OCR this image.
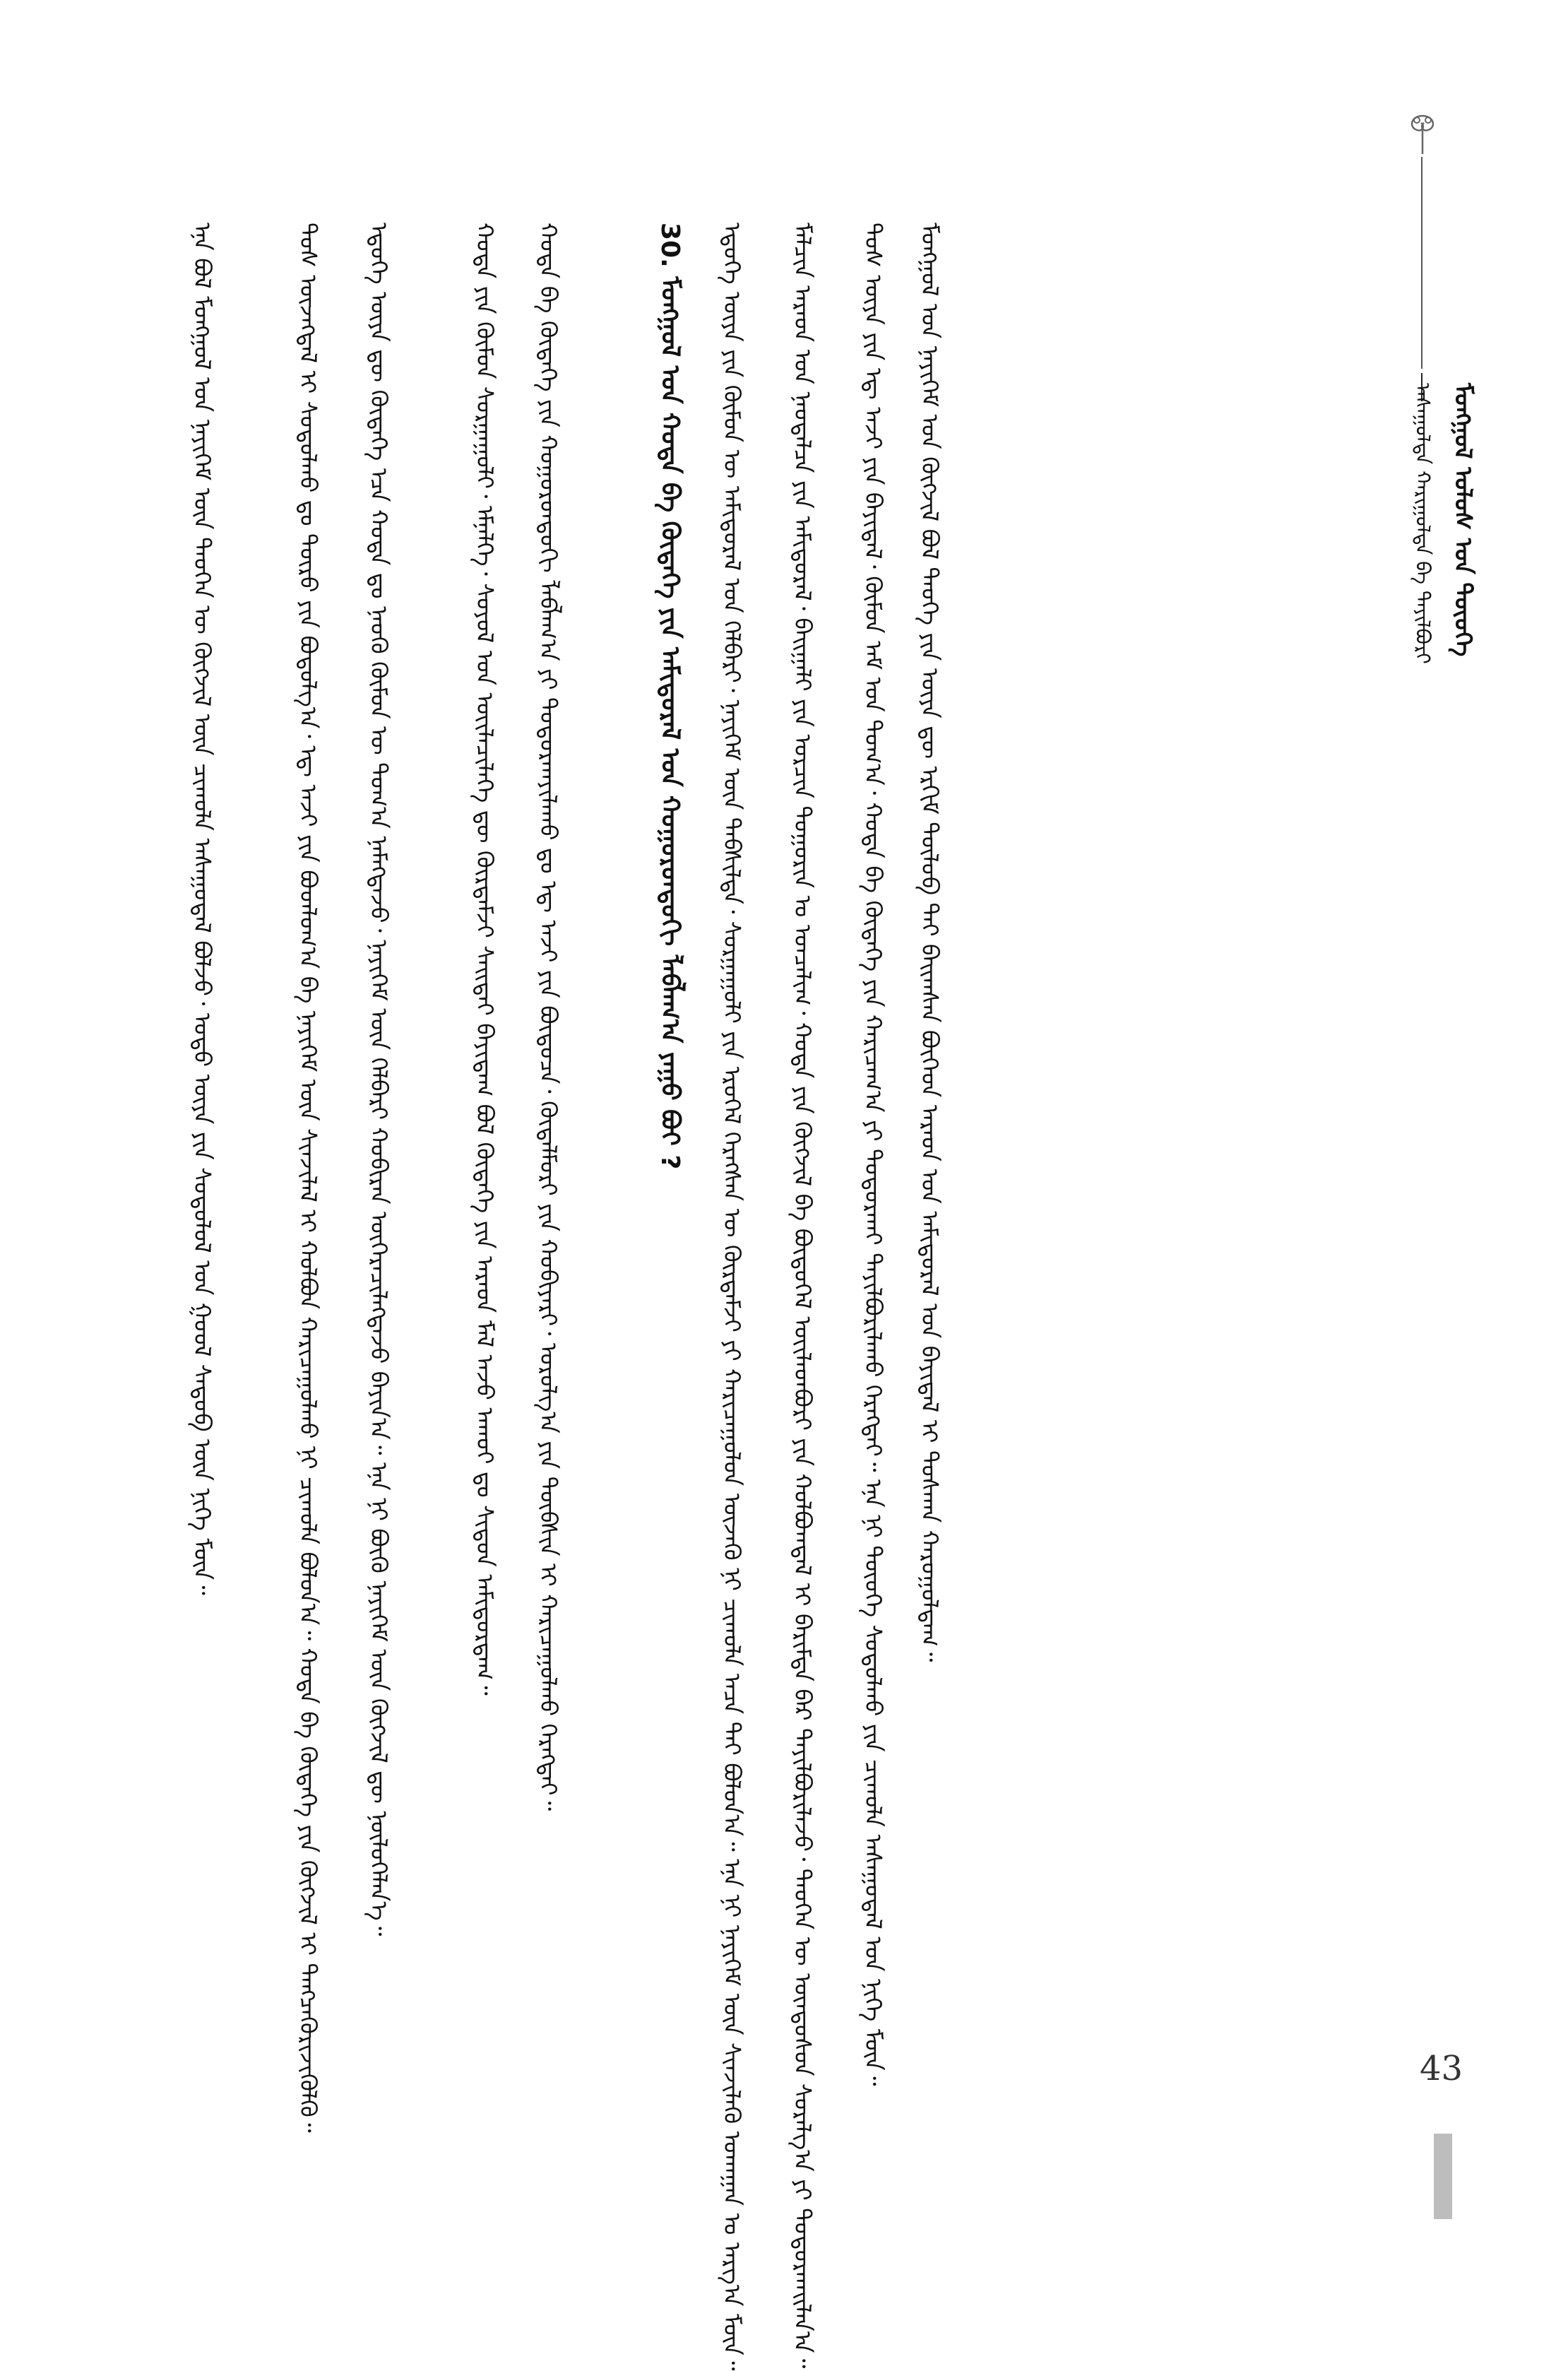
ᠮᠣᠩᠭᠣᠯ ᠤᠯᠤᠰ ᠤᠨ ᠲᠦᠦᠬᠡ
ᠠᠰᠠᠭᠤᠯᠲᠠ ᠬᠠᠷᠢᠭᠤᠯᠲᠠ ᠪᠠ ᠲᠠᠶᠢᠯᠪᠤᠷᠢ
ᠮᠣᠩᠭᠣᠯ ᠤᠨ ᠨᠡᠶᠢᠭᠡᠮ ᠤᠨ ᠬᠥᠭᠵᠢᠯ ᠪᠣᠯ ᠲᠡᠦᠬᠡ ᠶᠢᠨ ᠦᠶᠡ ᠳᠦ ᠡᠷᠬᠢᠮ ᠲᠥᠯᠦᠪ ᠲᠡᠢ ᠪᠠᠢᠭᠰᠠᠨ ᠪᠥᠭᠡᠳ ᠠᠷᠠᠳ ᠤᠨ ᠠᠮᠢᠳᠤᠷᠠᠯ ᠤᠨ ᠪᠠᠶᠢᠳᠠᠯ ᠢ ᠲᠤᠰᠬᠠᠨ ᠬᠠᠷᠤᠭᠤᠯᠳᠠᠭ᠃
ᠲᠤᠰ ᠦᠶᠡ ᠶᠢᠨ ᠡᠳ᠋ ᠠᠵᠢ ᠶᠢᠨ ᠪᠠᠶᠢᠳᠠᠯ᠂ ᠬᠦᠮᠦᠨ ᠠᠮ ᠤᠨ ᠲᠣᠭ᠎ᠠ᠂ ᠬᠣᠲᠠ ᠪᠠ ᠬᠥᠳᠡᠭᠡ ᠶᠢᠨ ᠬᠠᠷᠢᠴᠠᠭ᠎ᠠ ᠶᠢ ᠲᠣᠳᠣᠷᠬᠠᠢ ᠲᠠᠶᠢᠯᠪᠤᠷᠢᠯᠠᠬᠤ ᠬᠡᠷᠡᠭᠲᠡᠢ᠃ ᠡᠨᠡ ᠨᠢ ᠲᠦᠦᠬᠡ ᠰᠤᠳᠤᠯᠬᠤ ᠶᠢᠨ ᠴᠢᠬᠤᠯᠠ ᠠᠰᠠᠭᠤᠳᠠᠯ ᠤᠨ ᠨᠢᠭᠡ ᠮᠥᠨ᠃
ᠮᠠᠯᠴᠢᠨ ᠠᠷᠠᠳ ᠤᠨ ᠨᠡᠦᠳᠡᠯᠴᠡ ᠶᠢᠨ ᠠᠮᠢᠳᠤᠷᠠᠯ᠂ ᠪᠠᠢᠭᠠᠯᠢ ᠶᠢᠨ ᠣᠷᠴᠢᠨ ᠲᠣᠭᠣᠷᠢᠨ ᠤ ᠣᠨᠴᠠᠯᠢᠭ᠂ ᠬᠣᠲᠠ ᠶᠢᠨ ᠬᠥᠭᠵᠢᠯ ᠪᠠ ᠪᠦᠲᠦᠭᠡᠯ ᠦᠢᠯᠡᠳᠪᠦᠷᠢ ᠶᠢᠨ ᠬᠣᠯᠪᠣᠭᠳᠠᠯ ᠢ ᠪᠠᠷᠢᠮᠲᠠ ᠪᠠᠷ ᠲᠠᠶᠢᠯᠪᠤᠷᠢᠯᠠᠵᠤ᠂ ᠲᠡᠦᠬᠡᠨ ᠦ ᠦᠨᠳᠦᠰᠦᠨ ᠰᠤᠷᠠᠯᠭ᠎ᠠ ᠶᠢ ᠲᠣᠳᠣᠷᠬᠠᠢᠯᠠᠨ᠎ᠠ᠃
ᠡᠳᠦᠭᠡ ᠦᠶᠡ ᠶᠢᠨ ᠬᠦᠮᠦᠨ ᠦ ᠠᠮᠢᠳᠤᠷᠠᠯ ᠤᠨ ᠬᠡᠯᠪᠡᠷᠢ᠂ ᠨᠡᠶᠢᠭᠡᠮ ᠦᠨ ᠳᠡᠪᠰᠢᠯᠲᠡ᠂ ᠰᠤᠷᠭᠠᠭᠤᠯᠢ ᠶᠢᠨ ᠡᠷᠦᠬᠡᠯ ᠬᠡᠷᠡᠭᠰᠡᠨ ᠦ ᠬᠦᠷᠲᠡᠮᠵᠢ ᠶᠢ ᠬᠠᠷᠢᠴᠠᠭᠤᠯᠤᠨ ᠦᠵᠡᠬᠦ ᠨᠢ ᠴᠢᠬᠤᠯᠠ ᠠᠴᠠ ᠲᠠᠢ ᠪᠣᠯᠤᠨ᠎ᠠ᠃ ᠡᠨᠡ ᠨᠢ ᠨᠡᠶᠢᠭᠡᠮ ᠦᠨ ᠰᠢᠨᠵᠢᠯᠡᠬᠦ ᠤᠬᠠᠭᠠᠨ ᠤ ᠠᠷᠭ᠎ᠠ ᠮᠥᠨ᠃
30. ᠮᠣᠩᠭᠣᠯ ᠤᠨ ᠬᠣᠲᠠ ᠪᠠ ᠬᠥᠳᠡᠭᠡ ᠶᠢᠨ ᠠᠮᠢᠳᠤᠷᠠᠯ ᠤᠨ ᠬᠣᠭᠣᠷᠣᠨᠳᠤᠬᠢ ᠯᠠᠪᠯᠠᠭ᠎ᠠ ᠶᠠᠭᠤ ᠪᠤᠢ ?
ᠬᠣᠲᠠ ᠪᠠ ᠬᠥᠳᠡᠭᠡ ᠶᠢᠨ ᠬᠣᠭᠣᠷᠣᠨᠳᠤᠬᠢ ᠯᠠᠪᠯᠠᠭ᠎ᠠ ᠶᠢ ᠲᠣᠳᠣᠷᠬᠠᠶᠢᠯᠠᠬᠤ ᠳᠤ ᠡᠳ᠋ ᠠᠵᠢ ᠶᠢᠨ ᠪᠦᠲᠦᠴᠡ᠂ ᠬᠥᠳᠡᠯᠮᠦᠷᠢ ᠶᠢᠨ ᠬᠤᠪᠢᠶᠠᠷᠢ᠂ ᠣᠷᠣᠯᠭ᠎ᠠ ᠶᠢᠨ ᠲᠦᠪᠰᠢᠨ ᠢ ᠬᠠᠷᠢᠴᠠᠭᠤᠯᠬᠤ ᠬᠡᠷᠡᠭᠲᠡᠢ᠃
ᠬᠣᠲᠠ ᠶᠢᠨ ᠬᠦᠮᠦᠨ ᠰᠤᠷᠭᠠᠭᠤᠯᠢ᠂ ᠡᠮᠨᠡᠯᠭᠡ᠂ ᠰᠣᠶᠣᠯ ᠤᠨ ᠦᠢᠯᠡᠴᠢᠯᠡᠭᠡ ᠳᠦ ᠬᠦᠷᠲᠡᠮᠵᠢ ᠰᠠᠢᠲᠠᠢ ᠪᠠᠶᠢᠳᠠᠭ ᠪᠣᠯ ᠬᠥᠳᠡᠭᠡ ᠶᠢᠨ ᠠᠷᠠᠳ ᠮᠠᠯ ᠠᠵᠤ ᠠᠬᠤᠢ ᠳᠤ ᠰᠢᠲᠦᠨ ᠠᠮᠢᠳᠤᠷᠳᠠᠭ᠃
ᠡᠳᠦᠭᠡ ᠦᠶᠡ ᠳᠦ ᠬᠥᠳᠡᠭᠡ ᠡᠴᠡ ᠬᠣᠲᠠ ᠳᠤ ᠨᠡᠦᠬᠦ ᠬᠦᠮᠦᠨ ᠦ ᠲᠣᠭ᠎ᠠ ᠨᠡᠮᠡᠭᠳᠡᠵᠦ᠂ ᠨᠡᠶᠢᠭᠡᠮ ᠦᠨ ᠬᠡᠯᠪᠡᠷᠢ ᠬᠤᠪᠢᠷᠠᠨ ᠥᠭᠡᠷᠡᠴᠢᠯᠡᠭᠳᠡᠵᠦ ᠪᠠᠶᠢᠨ᠎ᠠ᠃ ᠡᠨᠡ ᠨᠢ ᠪᠦᠬᠦ ᠨᠡᠶᠢᠭᠡᠮ ᠦᠨ ᠬᠥᠭᠵᠢᠯ ᠳᠦ ᠨᠥᠯᠦᠭᠡᠯᠡᠨ᠎ᠡ᠃
ᠲᠤᠰ ᠦᠵᠡᠭᠳᠡᠯ ᠢ ᠰᠤᠳᠤᠯᠬᠤ ᠳᠤ ᠲᠥᠷᠥ ᠶᠢᠨ ᠪᠣᠳᠣᠯᠭ᠎ᠠ᠂ ᠡᠳ᠋ ᠠᠵᠢ ᠶᠢᠨ ᠪᠣᠳᠯᠣᠭ᠎ᠠ ᠪᠠ ᠨᠡᠶᠢᠭᠡᠮ ᠦᠨ ᠰᠢᠨᠵᠢᠯᠡᠯ ᠢ ᠬᠣᠯᠪᠣᠨ ᠬᠠᠷᠢᠴᠠᠭᠤᠯᠬᠤ ᠨᠢ ᠴᠢᠬᠤᠯᠠ ᠪᠣᠯᠤᠨ᠎ᠠ᠃ ᠬᠣᠲᠠ ᠪᠠ ᠬᠥᠳᠡᠭᠡ ᠶᠢᠨ ᠬᠥᠭᠵᠢᠯ ᠢ ᠲᠡᠩᠴᠡᠭᠦᠷᠢᠵᠢᠭᠦᠯᠬᠦ᠃
ᠡᠨᠡ ᠪᠣᠯ ᠮᠣᠩᠭᠣᠯ ᠤᠨ ᠨᠡᠶᠢᠭᠡᠮ ᠦᠨ ᠲᠡᠦᠬᠡᠨ ᠦ ᠬᠥᠭᠵᠢᠯ ᠦᠨ ᠴᠢᠬᠤᠯᠠ ᠠᠰᠠᠭᠤᠳᠠᠯ ᠪᠣᠯᠵᠤ᠂ ᠣᠳᠣ ᠦᠶᠡ ᠶᠢᠨ ᠰᠤᠳᠤᠯᠤᠯ ᠤᠨ ᠭᠣᠣᠯ ᠰᠡᠳᠦᠪ ᠦᠨ ᠨᠢᠭᠡ ᠮᠥᠨ᠃
43
